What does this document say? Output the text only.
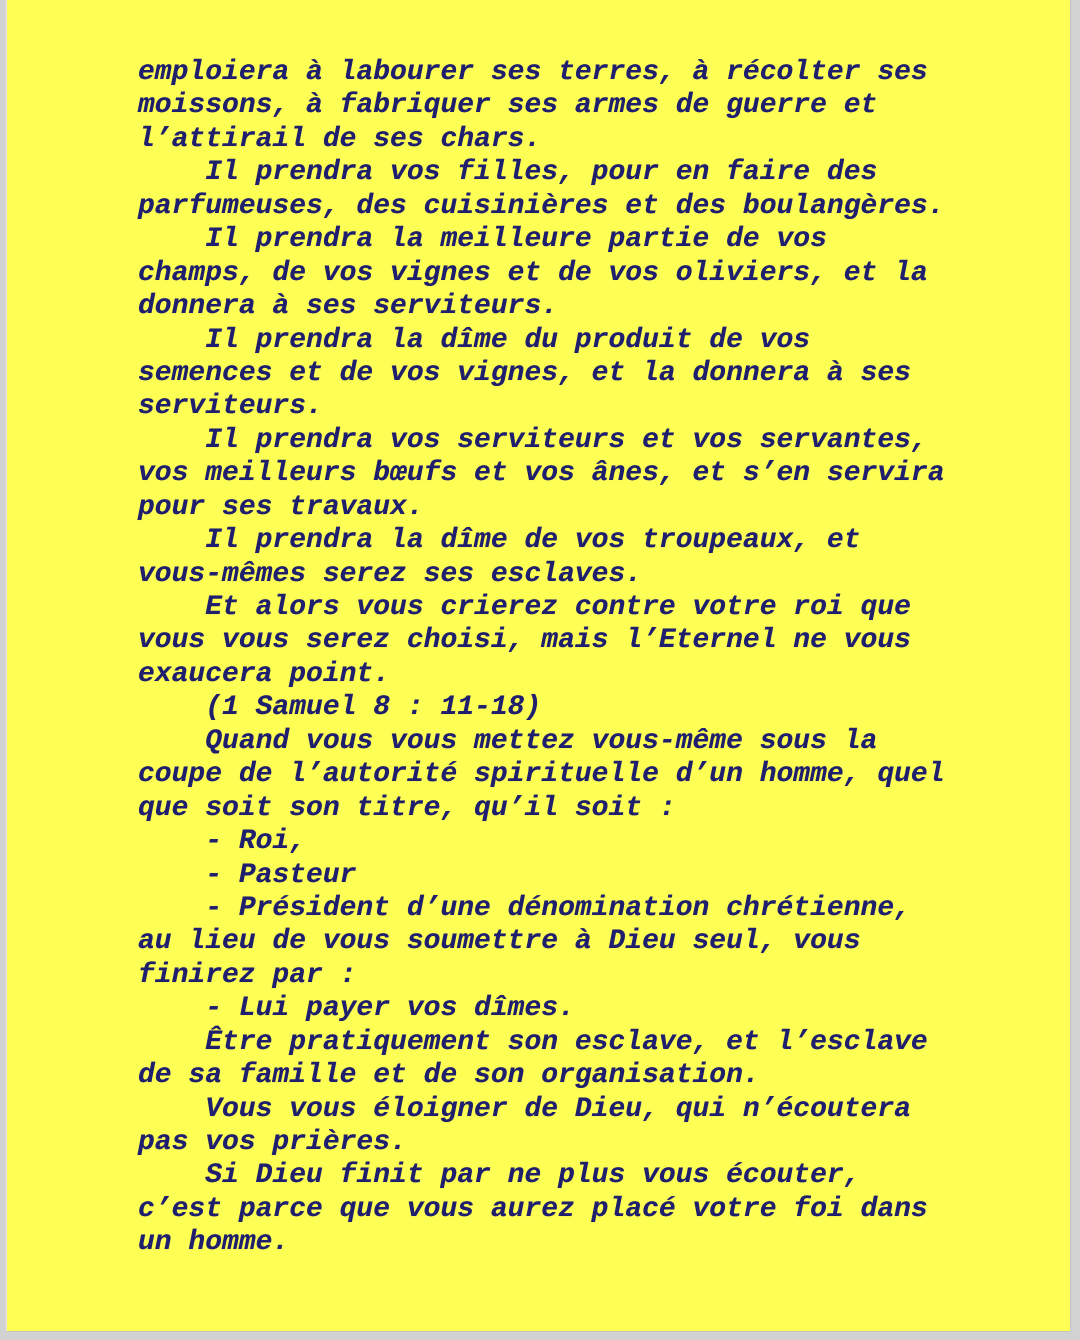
emploiera à labourer ses terres, à récolter ses
moissons, à fabriquer ses armes de guerre et
l’attirail de ses chars.
Il prendra vos filles, pour en faire des
parfumeuses, des cuisinières et des boulangères.
Il prendra la meilleure partie de vos
champs, de vos vignes et de vos oliviers, et la
donnera à ses serviteurs.
Il prendra la dîme du produit de vos
semences et de vos vignes, et la donnera à ses
serviteurs.
Il prendra vos serviteurs et vos servantes,
vos meilleurs bœufs et vos ânes, et s’en servira
pour ses travaux.
Il prendra la dîme de vos troupeaux, et
vous-mêmes serez ses esclaves.
Et alors vous crierez contre votre roi que
vous vous serez choisi, mais l’Eternel ne vous
exaucera point.
(1 Samuel 8 : 11-18)
Quand vous vous mettez vous-même sous la
coupe de l’autorité spirituelle d’un homme, quel
que soit son titre, qu’il soit :
- Roi,
- Pasteur
- Président d’une dénomination chrétienne,
au lieu de vous soumettre à Dieu seul, vous
finirez par :
- Lui payer vos dîmes.
Être pratiquement son esclave, et l’esclave
de sa famille et de son organisation.
Vous vous éloigner de Dieu, qui n’écoutera
pas vos prières.
Si Dieu finit par ne plus vous écouter,
c’est parce que vous aurez placé votre foi dans
un homme.
